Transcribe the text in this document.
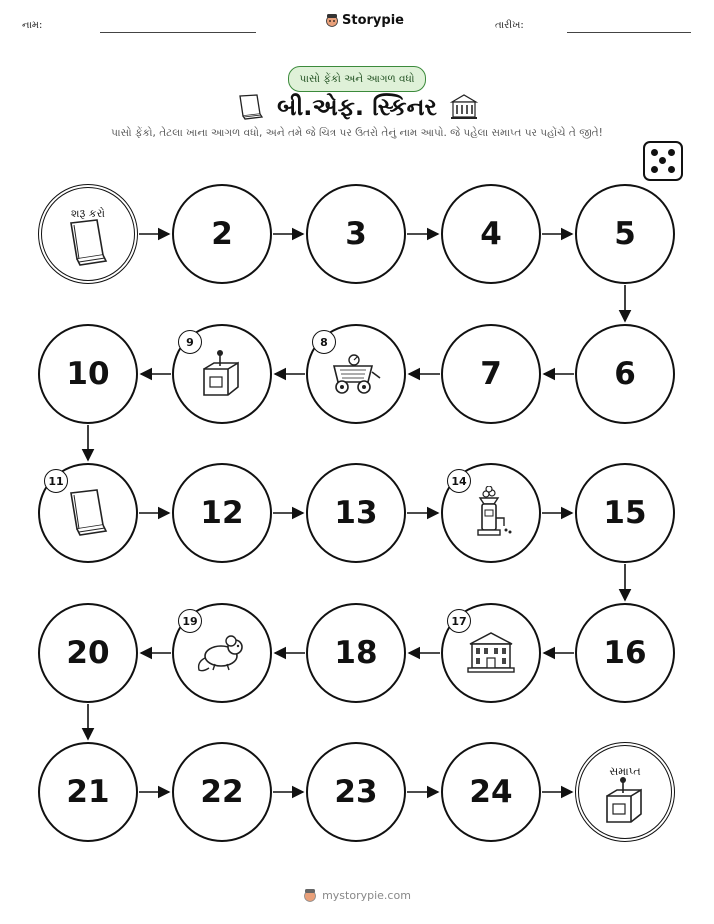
નામ:	Storypie	તારીખ:
પાસો ફેંકો અને આગળ વધો
બી.એફ. સ્કિનર
પાસો ફેંકો, તેટલા ખાના આગળ વધો, અને તમે જે ચિત્ર પર ઉતરો તેનું નામ આપો. જે પહેલા સમાપ્ત પર પહોંચે તે જીતે!
શરૂ કરો
2	3	4	5
6
7
8
9
10
11
12	13
14
15
16
17
18
19
20
21	22	23	24
સમાપ્ત
mystorypie.com
